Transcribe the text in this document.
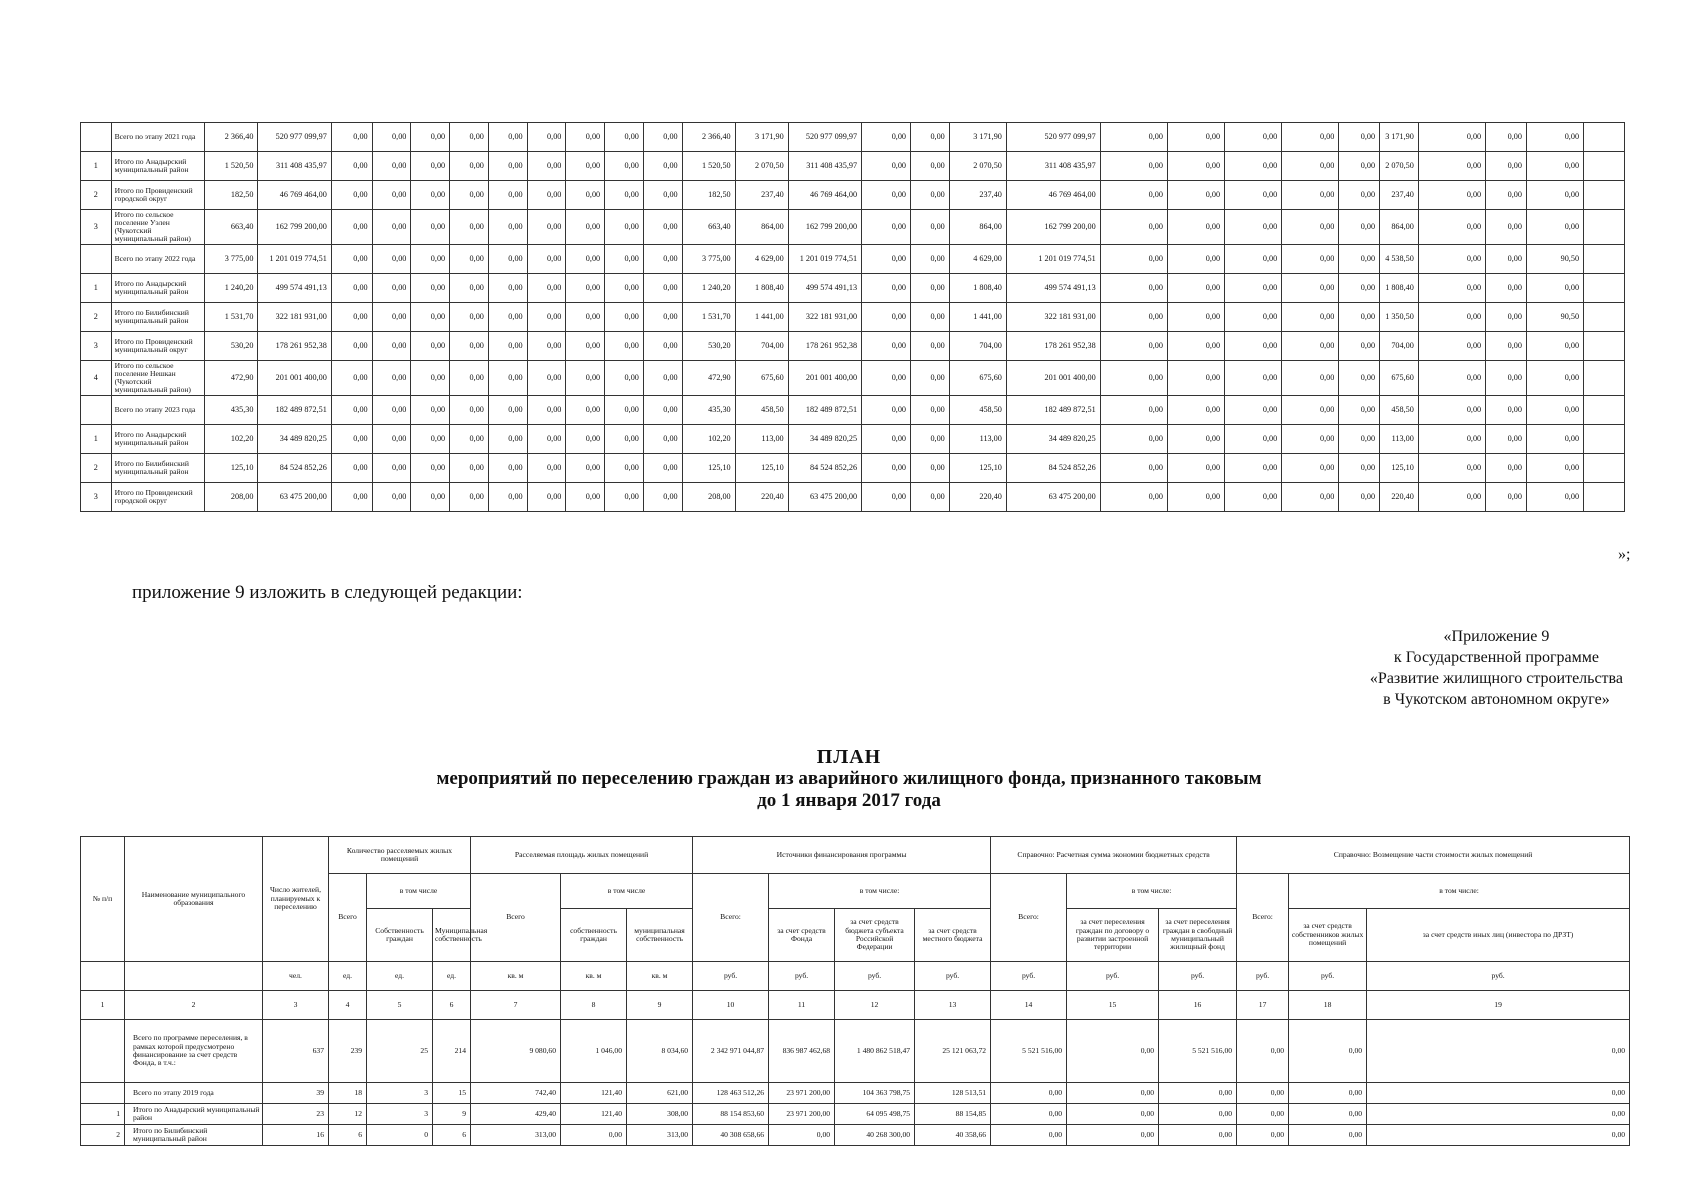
	Всего по этапу 2021 года	2 366,40	520 977 099,97	0,00	0,00	0,00	0,00	0,00	0,00	0,00	0,00	0,00	2 366,40	3 171,90	520 977 099,97	0,00	0,00	3 171,90	520 977 099,97	0,00	0,00	0,00	0,00	0,00	3 171,90	0,00	0,00	0,00	
1	Итого по Анадырский муниципальный район	1 520,50	311 408 435,97	0,00	0,00	0,00	0,00	0,00	0,00	0,00	0,00	0,00	1 520,50	2 070,50	311 408 435,97	0,00	0,00	2 070,50	311 408 435,97	0,00	0,00	0,00	0,00	0,00	2 070,50	0,00	0,00	0,00	
2	Итого по Провиденский городской округ	182,50	46 769 464,00	0,00	0,00	0,00	0,00	0,00	0,00	0,00	0,00	0,00	182,50	237,40	46 769 464,00	0,00	0,00	237,40	46 769 464,00	0,00	0,00	0,00	0,00	0,00	237,40	0,00	0,00	0,00	
3	Итого по сельское поселение Уэлен (Чукотский муниципальный район)	663,40	162 799 200,00	0,00	0,00	0,00	0,00	0,00	0,00	0,00	0,00	0,00	663,40	864,00	162 799 200,00	0,00	0,00	864,00	162 799 200,00	0,00	0,00	0,00	0,00	0,00	864,00	0,00	0,00	0,00	
	Всего по этапу 2022 года	3 775,00	1 201 019 774,51	0,00	0,00	0,00	0,00	0,00	0,00	0,00	0,00	0,00	3 775,00	4 629,00	1 201 019 774,51	0,00	0,00	4 629,00	1 201 019 774,51	0,00	0,00	0,00	0,00	0,00	4 538,50	0,00	0,00	90,50	
1	Итого по Анадырский муниципальный район	1 240,20	499 574 491,13	0,00	0,00	0,00	0,00	0,00	0,00	0,00	0,00	0,00	1 240,20	1 808,40	499 574 491,13	0,00	0,00	1 808,40	499 574 491,13	0,00	0,00	0,00	0,00	0,00	1 808,40	0,00	0,00	0,00	
2	Итого по Билибинский муниципальный район	1 531,70	322 181 931,00	0,00	0,00	0,00	0,00	0,00	0,00	0,00	0,00	0,00	1 531,70	1 441,00	322 181 931,00	0,00	0,00	1 441,00	322 181 931,00	0,00	0,00	0,00	0,00	0,00	1 350,50	0,00	0,00	90,50	
3	Итого по Провиденский муниципальный округ	530,20	178 261 952,38	0,00	0,00	0,00	0,00	0,00	0,00	0,00	0,00	0,00	530,20	704,00	178 261 952,38	0,00	0,00	704,00	178 261 952,38	0,00	0,00	0,00	0,00	0,00	704,00	0,00	0,00	0,00	
4	Итого по сельское поселение Нешкан (Чукотский муниципальный район)	472,90	201 001 400,00	0,00	0,00	0,00	0,00	0,00	0,00	0,00	0,00	0,00	472,90	675,60	201 001 400,00	0,00	0,00	675,60	201 001 400,00	0,00	0,00	0,00	0,00	0,00	675,60	0,00	0,00	0,00	
	Всего по этапу 2023 года	435,30	182 489 872,51	0,00	0,00	0,00	0,00	0,00	0,00	0,00	0,00	0,00	435,30	458,50	182 489 872,51	0,00	0,00	458,50	182 489 872,51	0,00	0,00	0,00	0,00	0,00	458,50	0,00	0,00	0,00	
1	Итого по Анадырский муниципальный район	102,20	34 489 820,25	0,00	0,00	0,00	0,00	0,00	0,00	0,00	0,00	0,00	102,20	113,00	34 489 820,25	0,00	0,00	113,00	34 489 820,25	0,00	0,00	0,00	0,00	0,00	113,00	0,00	0,00	0,00	
2	Итого по Билибинский муниципальный район	125,10	84 524 852,26	0,00	0,00	0,00	0,00	0,00	0,00	0,00	0,00	0,00	125,10	125,10	84 524 852,26	0,00	0,00	125,10	84 524 852,26	0,00	0,00	0,00	0,00	0,00	125,10	0,00	0,00	0,00	
3	Итого по Провиденский городской округ	208,00	63 475 200,00	0,00	0,00	0,00	0,00	0,00	0,00	0,00	0,00	0,00	208,00	220,40	63 475 200,00	0,00	0,00	220,40	63 475 200,00	0,00	0,00	0,00	0,00	0,00	220,40	0,00	0,00	0,00	
»;
приложение 9 изложить в следующей редакции:
«Приложение 9
к Государственной программе
«Развитие жилищного строительства
в Чукотском автономном округе»
ПЛАН
мероприятий по переселению граждан из аварийного жилищного фонда, признанного таковым
до 1 января 2017 года
№ п/п	Наименование муниципального образования	Число жителей, планируемых к переселению	Количество расселяемых жилых помещений			Расселяемая площадь жилых помещений			Источники финансирования программы				Справочно: Расчетная сумма экономии бюджетных средств			Справочно: Возмещение части стоимости жилых помещений		
			Всего	в том числе		Всего	в том числе		Всего:	в том числе:			Всего:	в том числе:		Всего:	в том числе:	
				Собственность граждан	Муниципальная собственность		собственность граждан	муниципальная собственность		за счет средств Фонда	за счет средств бюджета субъекта Российской Федерации	за счет средств местного бюджета		за счет переселения граждан по договору о развитии застроенной территории	за счет переселения граждан в свободный муниципальный жилищный фонд		за счет средств собственников жилых помещений	за счет средств иных лиц (инвестора по ДРЗТ)
		чел.	ед.	ед.	ед.	кв. м	кв. м	кв. м	руб.	руб.	руб.	руб.	руб.	руб.	руб.	руб.	руб.	руб.
1	2	3	4	5	6	7	8	9	10	11	12	13	14	15	16	17	18	19
	Всего по программе переселения, в рамках которой предусмотрено финансирование за счет средств Фонда, в т.ч.:	637	239	25	214	9 080,60	1 046,00	8 034,60	2 342 971 044,87	836 987 462,68	1 480 862 518,47	25 121 063,72	5 521 516,00	0,00	5 521 516,00	0,00	0,00	0,00
	Всего по этапу 2019 года	39	18	3	15	742,40	121,40	621,00	128 463 512,26	23 971 200,00	104 363 798,75	128 513,51	0,00	0,00	0,00	0,00	0,00	0,00
1	Итого по Анадырский муниципальный район	23	12	3	9	429,40	121,40	308,00	88 154 853,60	23 971 200,00	64 095 498,75	88 154,85	0,00	0,00	0,00	0,00	0,00	0,00
2	Итого по Билибинский муниципальный район	16	6	0	6	313,00	0,00	313,00	40 308 658,66	0,00	40 268 300,00	40 358,66	0,00	0,00	0,00	0,00	0,00	0,00
